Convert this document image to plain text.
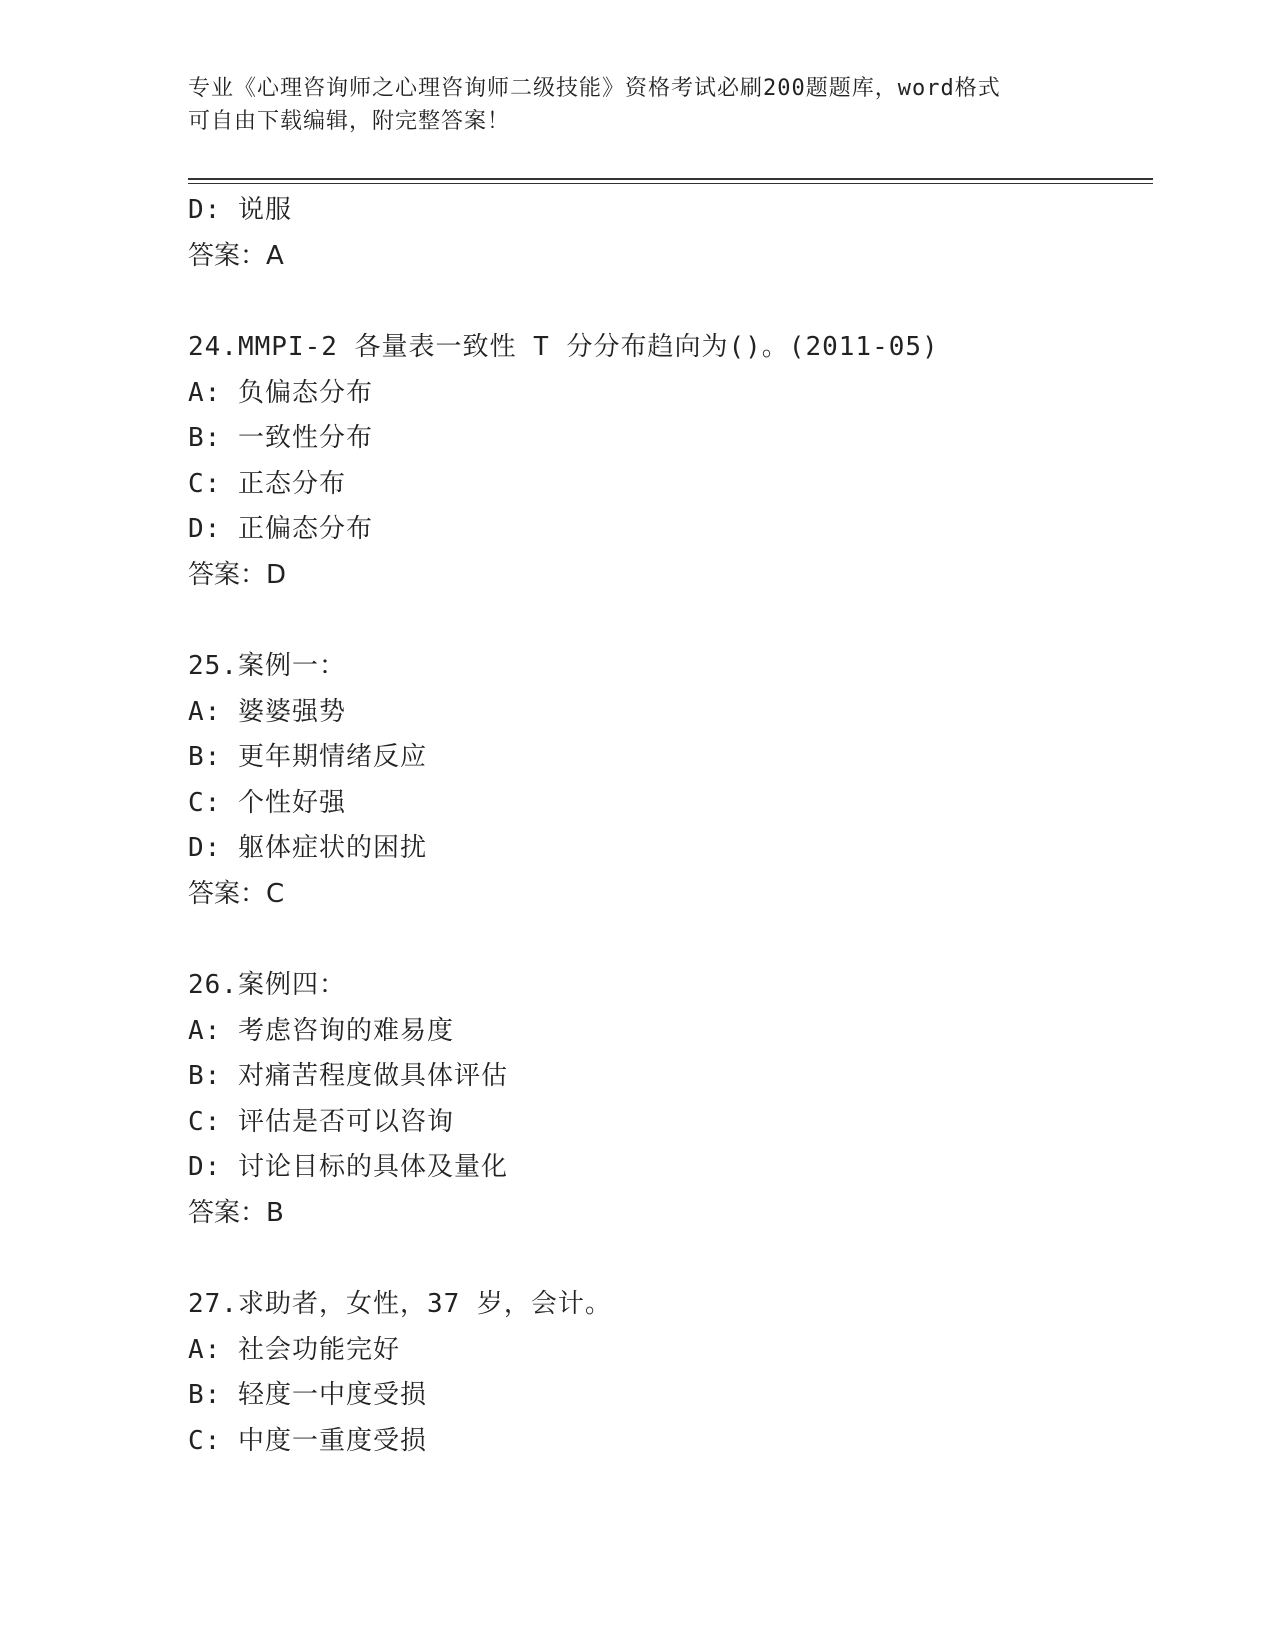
专业《心理咨询师之心理咨询师二级技能》资格考试必刷200题题库，word格式
可自由下载编辑，附完整答案！
D: 说服
答案：A
24.MMPI-2 各量表一致性 T 分分布趋向为()。(2011-05)
A: 负偏态分布
B: 一致性分布
C: 正态分布
D: 正偏态分布
答案：D
25.案例一：
A: 婆婆强势
B: 更年期情绪反应
C: 个性好强
D: 躯体症状的困扰
答案：C
26.案例四：
A: 考虑咨询的难易度
B: 对痛苦程度做具体评估
C: 评估是否可以咨询
D: 讨论目标的具体及量化
答案：B
27.求助者，女性，37 岁，会计。
A: 社会功能完好
B: 轻度一中度受损
C: 中度一重度受损
